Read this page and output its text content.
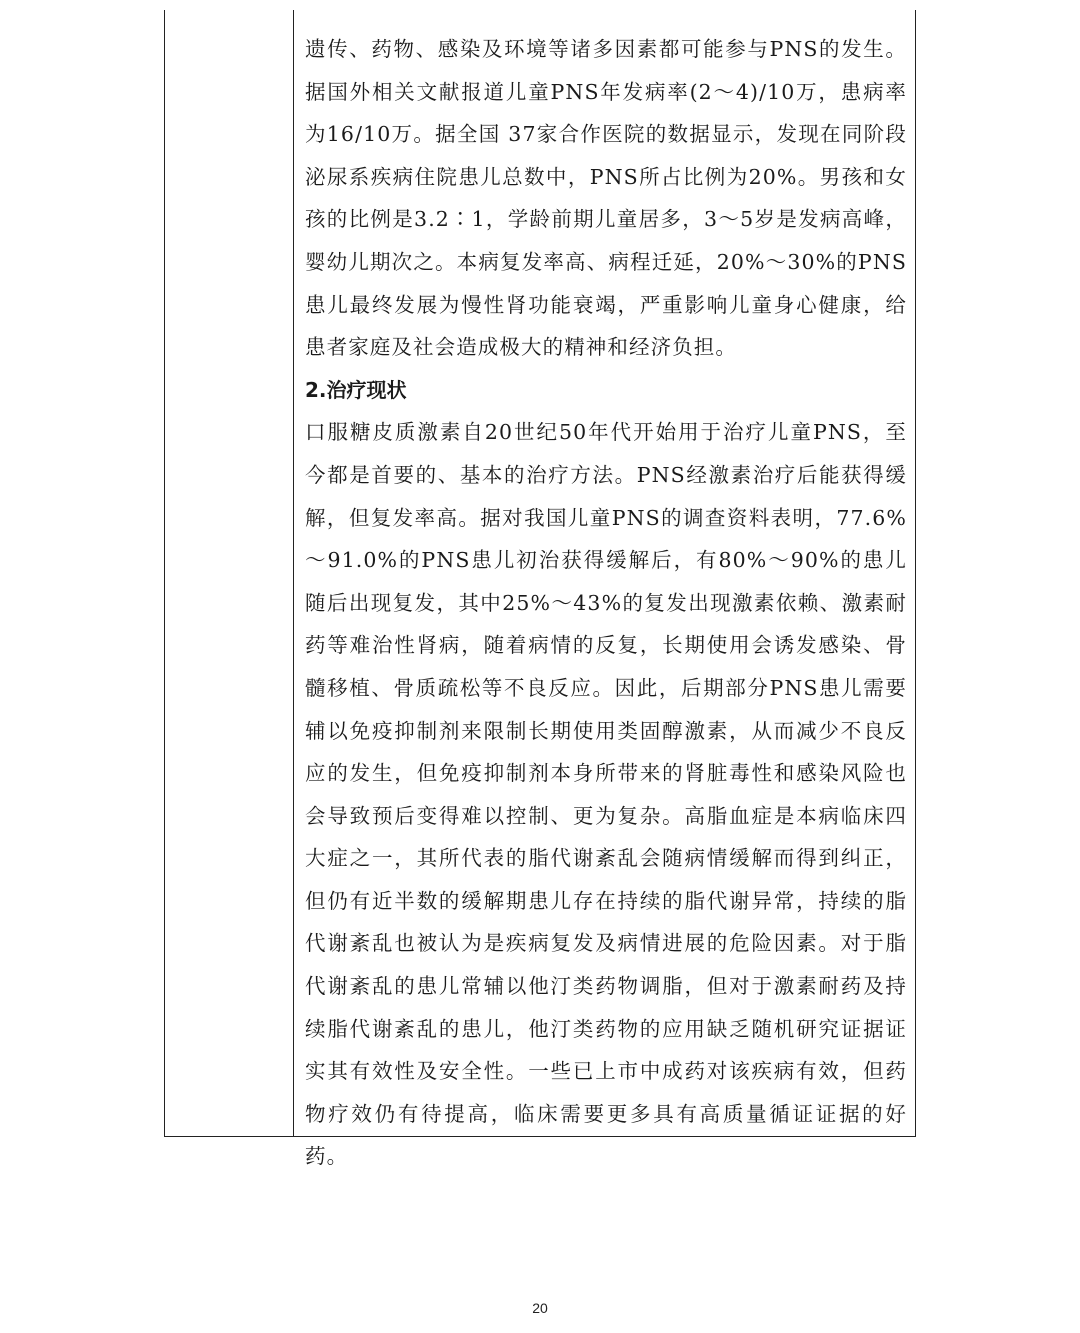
遗传、药物、感染及环境等诸多因素都可能参与PNS的发生。据国外相关文献报道儿童PNS年发病率(2～4)/10万，患病率为16/10万。据全国 37家合作医院的数据显示，发现在同阶段泌尿系疾病住院患儿总数中，PNS所占比例为20%。男孩和女孩的比例是3.2∶1，学龄前期儿童居多，3～5岁是发病高峰，婴幼儿期次之。本病复发率高、病程迁延，20%～30%的PNS患儿最终发展为慢性肾功能衰竭，严重影响儿童身心健康，给患者家庭及社会造成极大的精神和经济负担。

2.治疗现状

口服糖皮质激素自20世纪50年代开始用于治疗儿童PNS，至今都是首要的、基本的治疗方法。PNS经激素治疗后能获得缓解，但复发率高。据对我国儿童PNS的调查资料表明，77.6%～91.0%的PNS患儿初治获得缓解后，有80%～90%的患儿随后出现复发，其中25%～43%的复发出现激素依赖、激素耐药等难治性肾病，随着病情的反复，长期使用会诱发感染、骨髓移植、骨质疏松等不良反应。因此，后期部分PNS患儿需要辅以免疫抑制剂来限制长期使用类固醇激素，从而减少不良反应的发生，但免疫抑制剂本身所带来的肾脏毒性和感染风险也会导致预后变得难以控制、更为复杂。高脂血症是本病临床四大症之一，其所代表的脂代谢紊乱会随病情缓解而得到纠正，但仍有近半数的缓解期患儿存在持续的脂代谢异常，持续的脂代谢紊乱也被认为是疾病复发及病情进展的危险因素。对于脂代谢紊乱的患儿常辅以他汀类药物调脂，但对于激素耐药及持续脂代谢紊乱的患儿，他汀类药物的应用缺乏随机研究证据证实其有效性及安全性。一些已上市中成药对该疾病有效，但药物疗效仍有待提高，临床需要更多具有高质量循证证据的好药。

20
